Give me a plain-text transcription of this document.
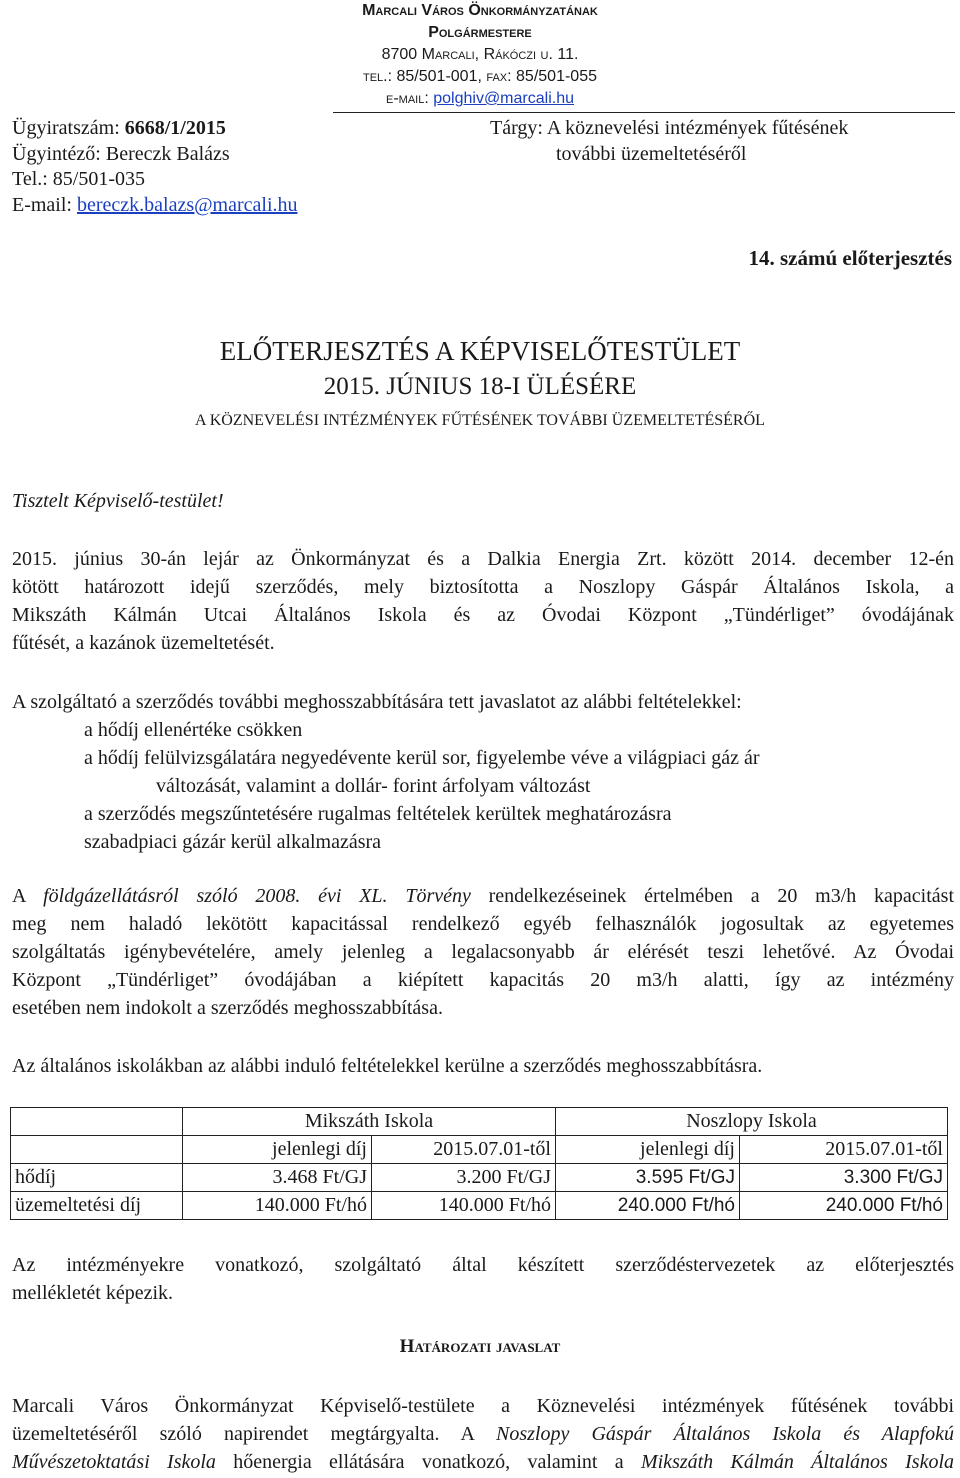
Marcali Város Önkormányzatának
Polgármestere
8700 Marcali, Rákóczi u. 11.
tel.: 85/501-001, fax: 85/501-055
e-mail: polghiv@marcali.hu
Ügyiratszám: 6668/1/2015
Ügyintéző: Bereczk Balázs
Tel.: 85/501-035
E-mail: bereczk.balazs@marcali.hu
Tárgy: A köznevelési intézmények fűtésének
további üzemeltetéséről
14. számú előterjesztés
ELŐTERJESZTÉS A KÉPVISELŐTESTÜLET
2015. JÚNIUS 18-I ÜLÉSÉRE
A KÖZNEVELÉSI INTÉZMÉNYEK FŰTÉSÉNEK TOVÁBBI ÜZEMELTETÉSÉRŐL
Tisztelt Képviselő-testület!
2015. június 30-án lejár az Önkormányzat és a Dalkia Energia Zrt. között 2014. december 12-én
kötött határozott idejű szerződés, mely biztosította a Noszlopy Gáspár Általános Iskola, a
Mikszáth Kálmán Utcai Általános Iskola és az Óvodai Központ „Tündérliget” óvodájának
fűtését, a kazánok üzemeltetését.
A szolgáltató a szerződés további meghosszabbítására tett javaslatot az alábbi feltételekkel:
a hődíj ellenértéke csökken
a hődíj felülvizsgálatára negyedévente kerül sor, figyelembe véve a világpiaci gáz ár
változását, valamint a dollár- forint árfolyam változást
a szerződés megszűntetésére rugalmas feltételek kerültek meghatározásra
szabadpiaci gázár kerül alkalmazásra
A földgázellátásról szóló 2008. évi XL. Törvény rendelkezéseinek értelmében a 20 m3/h kapacitást
meg nem haladó lekötött kapacitással rendelkező egyéb felhasználók jogosultak az egyetemes
szolgáltatás igénybevételére, amely jelenleg a legalacsonyabb ár elérését teszi lehetővé. Az Óvodai
Központ „Tündérliget” óvodájában a kiépített kapacitás 20 m3/h alatti, így az intézmény
esetében nem indokolt a szerződés meghosszabbítása.
Az általános iskolákban az alábbi induló feltételekkel kerülne a szerződés meghosszabbításra.
	Mikszáth Iskola		Noszlopy Iskola	
	jelenlegi díj	2015.07.01-től	jelenlegi díj	2015.07.01-től
hődíj	3.468 Ft/GJ	3.200 Ft/GJ	3.595 Ft/GJ	3.300 Ft/GJ
üzemeltetési díj	140.000 Ft/hó	140.000 Ft/hó	240.000 Ft/hó	240.000 Ft/hó
Az intézményekre vonatkozó, szolgáltató által készített szerződéstervezetek az előterjesztés
mellékletét képezik.
Határozati javaslat
Marcali Város Önkormányzat Képviselő-testülete a Köznevelési intézmények fűtésének további
üzemeltetéséről szóló napirendet megtárgyalta. A Noszlopy Gáspár Általános Iskola és Alapfokú
Művészetoktatási Iskola hőenergia ellátására vonatkozó, valamint a Mikszáth Kálmán Általános Iskola
